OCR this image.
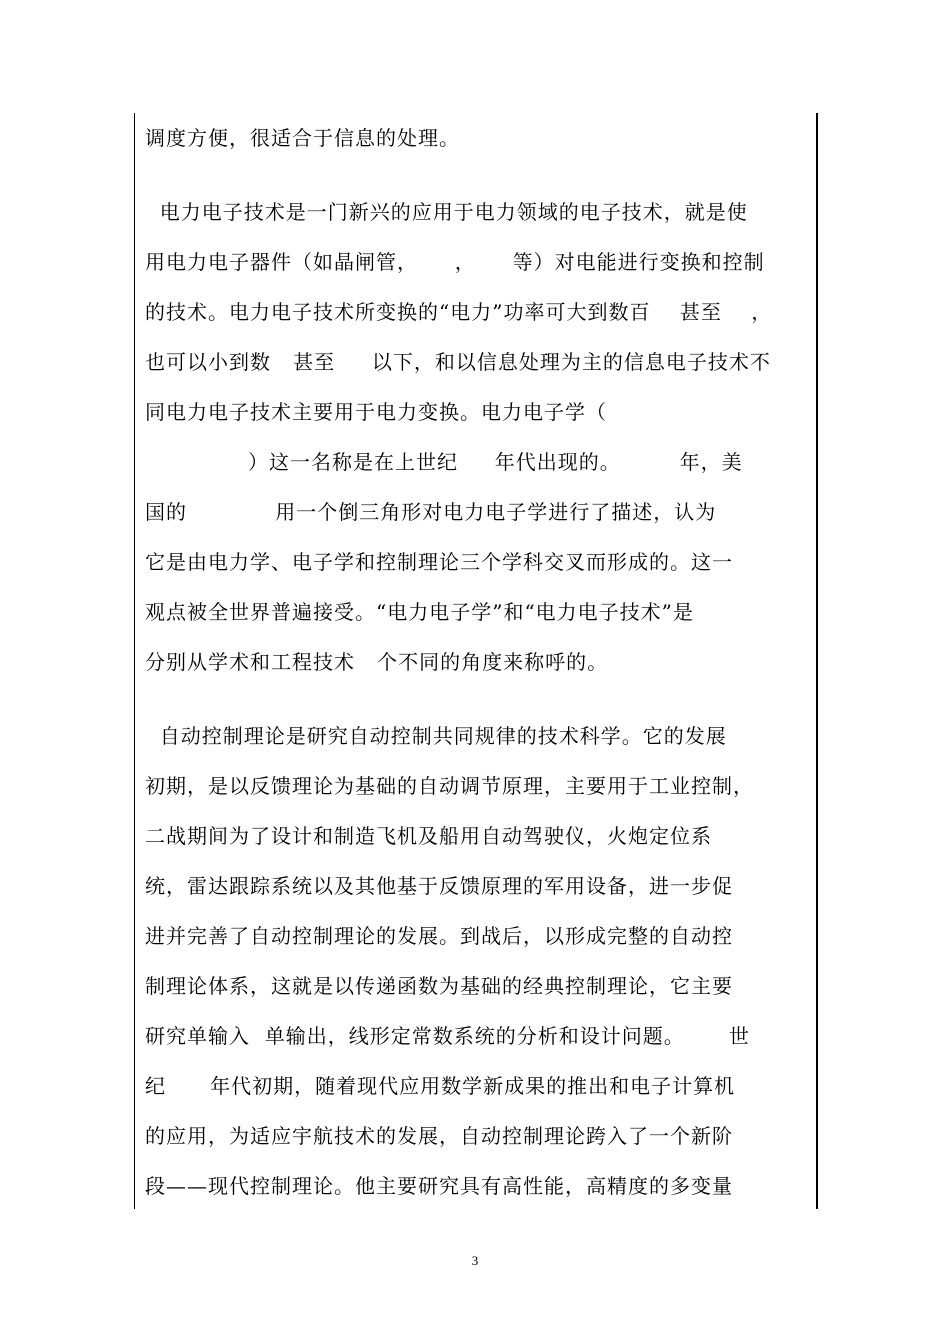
调度方便，很适合于信息的处理。
电力电子技术是一门新兴的应用于电力领域的电子技术，就是使
用电力电子器件（如晶闸管，     ，     等）对电能进行变换和控制
的技术。电力电子技术所变换的“电力”功率可大到数百    甚至    ，
也可以小到数   甚至     以下，和以信息处理为主的信息电子技术不
同电力电子技术主要用于电力变换。电力电子学（
）这一名称是在上世纪     年代出现的。        年，美
国的            用一个倒三角形对电力电子学进行了描述，认为
它是由电力学、电子学和控制理论三个学科交叉而形成的。这一
观点被全世界普遍接受。“电力电子学”和“电力电子技术”是
分别从学术和工程技术   个不同的角度来称呼的。
自动控制理论是研究自动控制共同规律的技术科学。它的发展
初期，是以反馈理论为基础的自动调节原理，主要用于工业控制，
二战期间为了设计和制造飞机及船用自动驾驶仪，火炮定位系
统，雷达跟踪系统以及其他基于反馈原理的军用设备，进一步促
进并完善了自动控制理论的发展。到战后，以形成完整的自动控
制理论体系，这就是以传递函数为基础的经典控制理论，它主要
研究单输入  单输出，线形定常数系统的分析和设计问题。      世
纪      年代初期，随着现代应用数学新成果的推出和电子计算机
的应用，为适应宇航技术的发展，自动控制理论跨入了一个新阶
段——现代控制理论。他主要研究具有高性能，高精度的多变量
3
